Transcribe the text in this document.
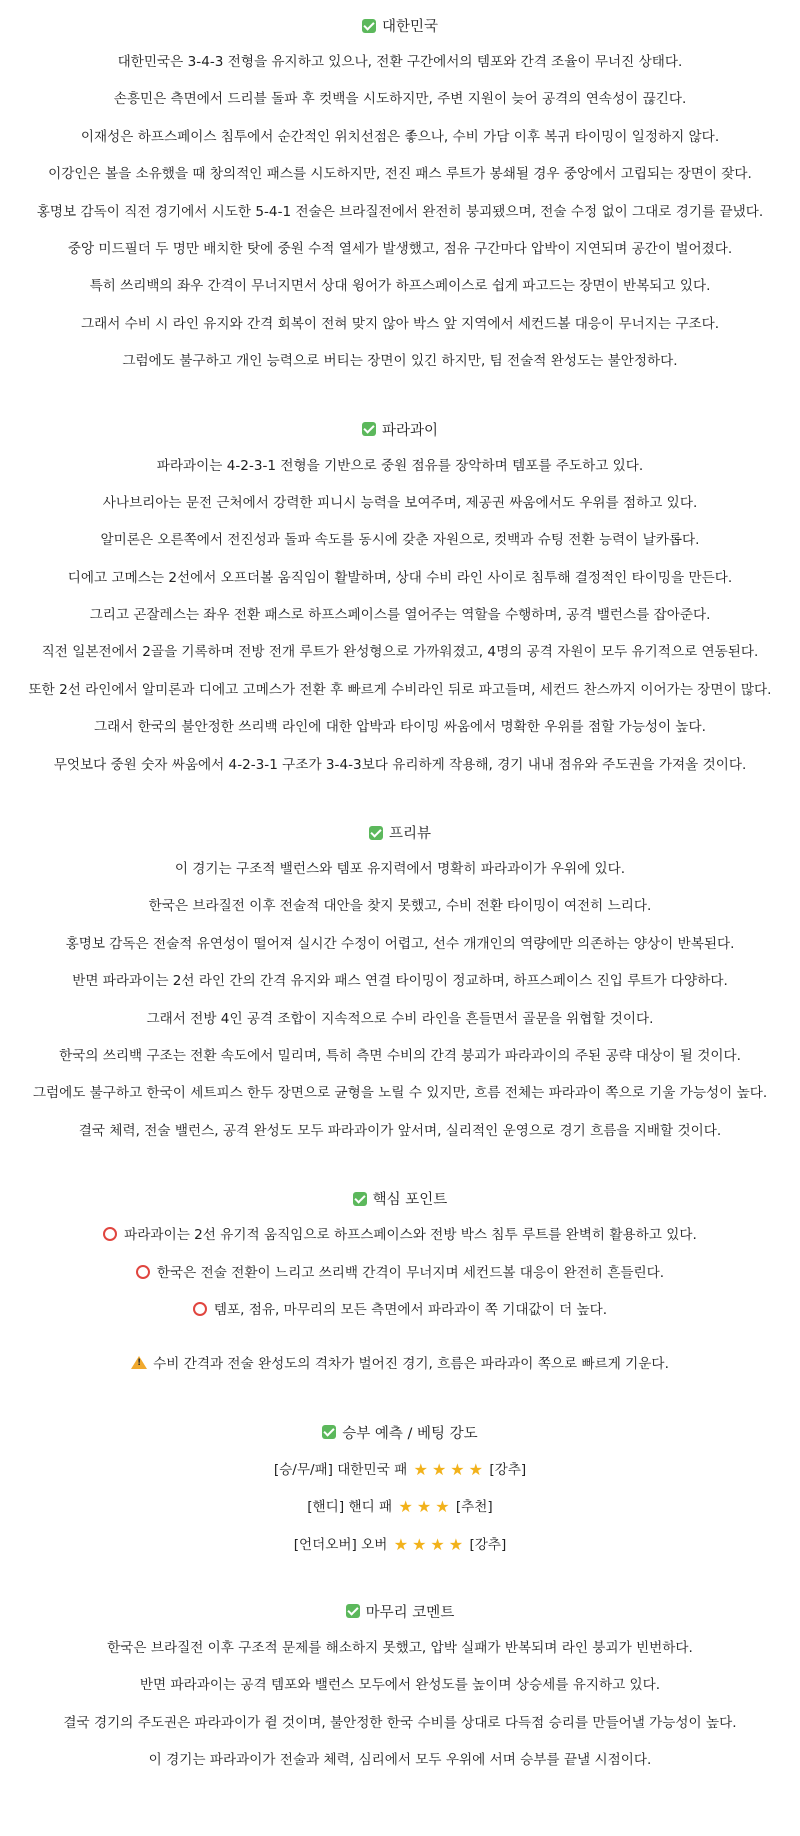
대한민국
대한민국은 3-4-3 전형을 유지하고 있으나, 전환 구간에서의 템포와 간격 조율이 무너진 상태다.
손흥민은 측면에서 드리블 돌파 후 컷백을 시도하지만, 주변 지원이 늦어 공격의 연속성이 끊긴다.
이재성은 하프스페이스 침투에서 순간적인 위치선점은 좋으나, 수비 가담 이후 복귀 타이밍이 일정하지 않다.
이강인은 볼을 소유했을 때 창의적인 패스를 시도하지만, 전진 패스 루트가 봉쇄될 경우 중앙에서 고립되는 장면이 잦다.
홍명보 감독이 직전 경기에서 시도한 5-4-1 전술은 브라질전에서 완전히 붕괴됐으며, 전술 수정 없이 그대로 경기를 끝냈다.
중앙 미드필더 두 명만 배치한 탓에 중원 수적 열세가 발생했고, 점유 구간마다 압박이 지연되며 공간이 벌어졌다.
특히 쓰리백의 좌우 간격이 무너지면서 상대 윙어가 하프스페이스로 쉽게 파고드는 장면이 반복되고 있다.
그래서 수비 시 라인 유지와 간격 회복이 전혀 맞지 않아 박스 앞 지역에서 세컨드볼 대응이 무너지는 구조다.
그럼에도 불구하고 개인 능력으로 버티는 장면이 있긴 하지만, 팀 전술적 완성도는 불안정하다.
파라과이
파라과이는 4-2-3-1 전형을 기반으로 중원 점유를 장악하며 템포를 주도하고 있다.
사나브리아는 문전 근처에서 강력한 피니시 능력을 보여주며, 제공권 싸움에서도 우위를 점하고 있다.
알미론은 오른쪽에서 전진성과 돌파 속도를 동시에 갖춘 자원으로, 컷백과 슈팅 전환 능력이 날카롭다.
디에고 고메스는 2선에서 오프더볼 움직임이 활발하며, 상대 수비 라인 사이로 침투해 결정적인 타이밍을 만든다.
그리고 곤잘레스는 좌우 전환 패스로 하프스페이스를 열어주는 역할을 수행하며, 공격 밸런스를 잡아준다.
직전 일본전에서 2골을 기록하며 전방 전개 루트가 완성형으로 가까워졌고, 4명의 공격 자원이 모두 유기적으로 연동된다.
또한 2선 라인에서 알미론과 디에고 고메스가 전환 후 빠르게 수비라인 뒤로 파고들며, 세컨드 찬스까지 이어가는 장면이 많다.
그래서 한국의 불안정한 쓰리백 라인에 대한 압박과 타이밍 싸움에서 명확한 우위를 점할 가능성이 높다.
무엇보다 중원 숫자 싸움에서 4-2-3-1 구조가 3-4-3보다 유리하게 작용해, 경기 내내 점유와 주도권을 가져올 것이다.
프리뷰
이 경기는 구조적 밸런스와 템포 유지력에서 명확히 파라과이가 우위에 있다.
한국은 브라질전 이후 전술적 대안을 찾지 못했고, 수비 전환 타이밍이 여전히 느리다.
홍명보 감독은 전술적 유연성이 떨어져 실시간 수정이 어렵고, 선수 개개인의 역량에만 의존하는 양상이 반복된다.
반면 파라과이는 2선 라인 간의 간격 유지와 패스 연결 타이밍이 정교하며, 하프스페이스 진입 루트가 다양하다.
그래서 전방 4인 공격 조합이 지속적으로 수비 라인을 흔들면서 골문을 위협할 것이다.
한국의 쓰리백 구조는 전환 속도에서 밀리며, 특히 측면 수비의 간격 붕괴가 파라과이의 주된 공략 대상이 될 것이다.
그럼에도 불구하고 한국이 세트피스 한두 장면으로 균형을 노릴 수 있지만, 흐름 전체는 파라과이 쪽으로 기울 가능성이 높다.
결국 체력, 전술 밸런스, 공격 완성도 모두 파라과이가 앞서며, 실리적인 운영으로 경기 흐름을 지배할 것이다.
핵심 포인트
파라과이는 2선 유기적 움직임으로 하프스페이스와 전방 박스 침투 루트를 완벽히 활용하고 있다.
한국은 전술 전환이 느리고 쓰리백 간격이 무너지며 세컨드볼 대응이 완전히 흔들린다.
템포, 점유, 마무리의 모든 측면에서 파라과이 쪽 기대값이 더 높다.
!수비 간격과 전술 완성도의 격차가 벌어진 경기, 흐름은 파라과이 쪽으로 빠르게 기운다.
승부 예측 / 베팅 강도
[승/무/패] 대한민국 패 ★ ★ ★ ★ [강추]
[핸디] 핸디 패 ★ ★ ★ [추천]
[언더오버] 오버 ★ ★ ★ ★ [강추]
마무리 코멘트
한국은 브라질전 이후 구조적 문제를 해소하지 못했고, 압박 실패가 반복되며 라인 붕괴가 빈번하다.
반면 파라과이는 공격 템포와 밸런스 모두에서 완성도를 높이며 상승세를 유지하고 있다.
결국 경기의 주도권은 파라과이가 쥘 것이며, 불안정한 한국 수비를 상대로 다득점 승리를 만들어낼 가능성이 높다.
이 경기는 파라과이가 전술과 체력, 심리에서 모두 우위에 서며 승부를 끝낼 시점이다.
